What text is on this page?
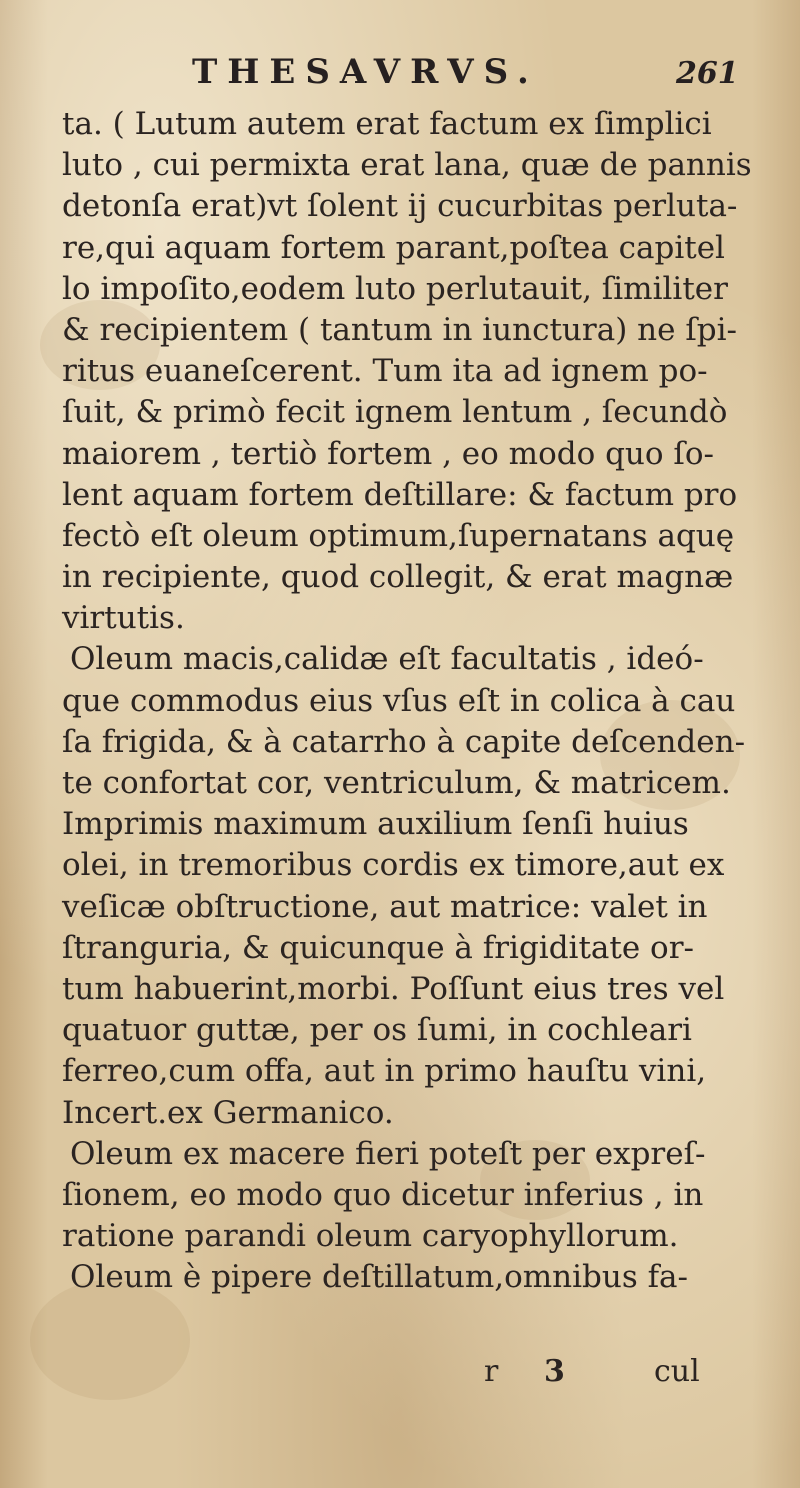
THESAVRVS.	261
ta. ( Lutum autem erat factum ex ſimplici
luto , cui permixta erat lana, quæ de pannis
detonſa erat)vt ſolent ij cucurbitas perluta-
re,qui aquam fortem parant,poſtea capitel
lo impoſito,eodem luto perlutauit, ſimiliter
& recipientem ( tantum in iunctura) ne ſpi-
ritus euaneſcerent. Tum ita ad ignem po-
ſuit, & primò fecit ignem lentum , ſecundò
maiorem , tertiò fortem , eo modo quo ſo-
lent aquam fortem deſtillare: & factum pro
fectò eſt oleum optimum,ſupernatans aquę
in recipiente, quod collegit, & erat magnæ
virtutis.
Oleum macis,calidæ eſt facultatis , ideó-
que commodus eius vſus eſt in colica à cau
ſa frigida, & à catarrho à capite deſcenden-
te confortat cor, ventriculum, & matricem.
Imprimis maximum auxilium ſenſi huius
olei, in tremoribus cordis ex timore,aut ex
veſicæ obſtructione, aut matrice: valet in
ſtranguria, & quicunque à frigiditate or-
tum habuerint,morbi. Poſſunt eius tres vel
quatuor guttæ, per os ſumi, in cochleari
ferreo,cum offa, aut in primo hauſtu vini,
Incert.ex Germanico.
Oleum ex macere fieri poteſt per expreſ-
ſionem, eo modo quo dicetur inferius , in
ratione parandi oleum caryophyllorum.
Oleum è pipere deſtillatum,omnibus fa-
r 3	cul
